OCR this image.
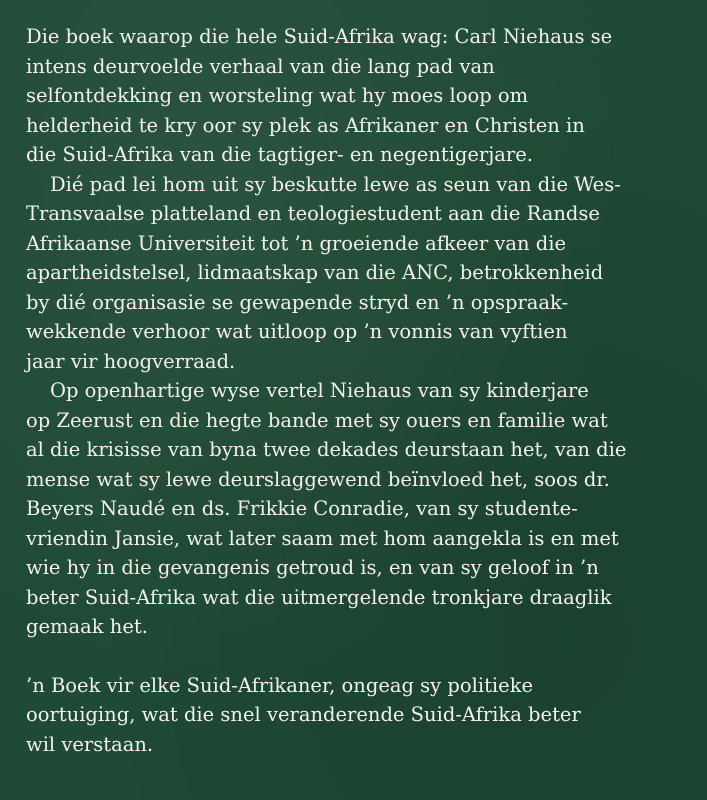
Die boek waarop die hele Suid-Afrika wag: Carl Niehaus se
intens deurvoelde verhaal van die lang pad van
selfontdekking en worsteling wat hy moes loop om
helderheid te kry oor sy plek as Afrikaner en Christen in
die Suid-Afrika van die tagtiger- en negentigerjare.

Dié pad lei hom uit sy beskutte lewe as seun van die Wes-
Transvaalse platteland en teologiestudent aan die Randse
Afrikaanse Universiteit tot ’n groeiende afkeer van die
apartheidstelsel, lidmaatskap van die ANC, betrokkenheid
by dié organisasie se gewapende stryd en ’n opspraak-
wekkende verhoor wat uitloop op ’n vonnis van vyftien
jaar vir hoogverraad.

Op openhartige wyse vertel Niehaus van sy kinderjare
op Zeerust en die hegte bande met sy ouers en familie wat
al die krisisse van byna twee dekades deurstaan het, van die
mense wat sy lewe deurslaggewend beïnvloed het, soos dr.
Beyers Naudé en ds. Frikkie Conradie, van sy studente-
vriendin Jansie, wat later saam met hom aangekla is en met
wie hy in die gevangenis getroud is, en van sy geloof in ’n
beter Suid-Afrika wat die uitmergelende tronkjare draaglik
gemaak het.

’n Boek vir elke Suid-Afrikaner, ongeag sy politieke
oortuiging, wat die snel veranderende Suid-Afrika beter
wil verstaan.
